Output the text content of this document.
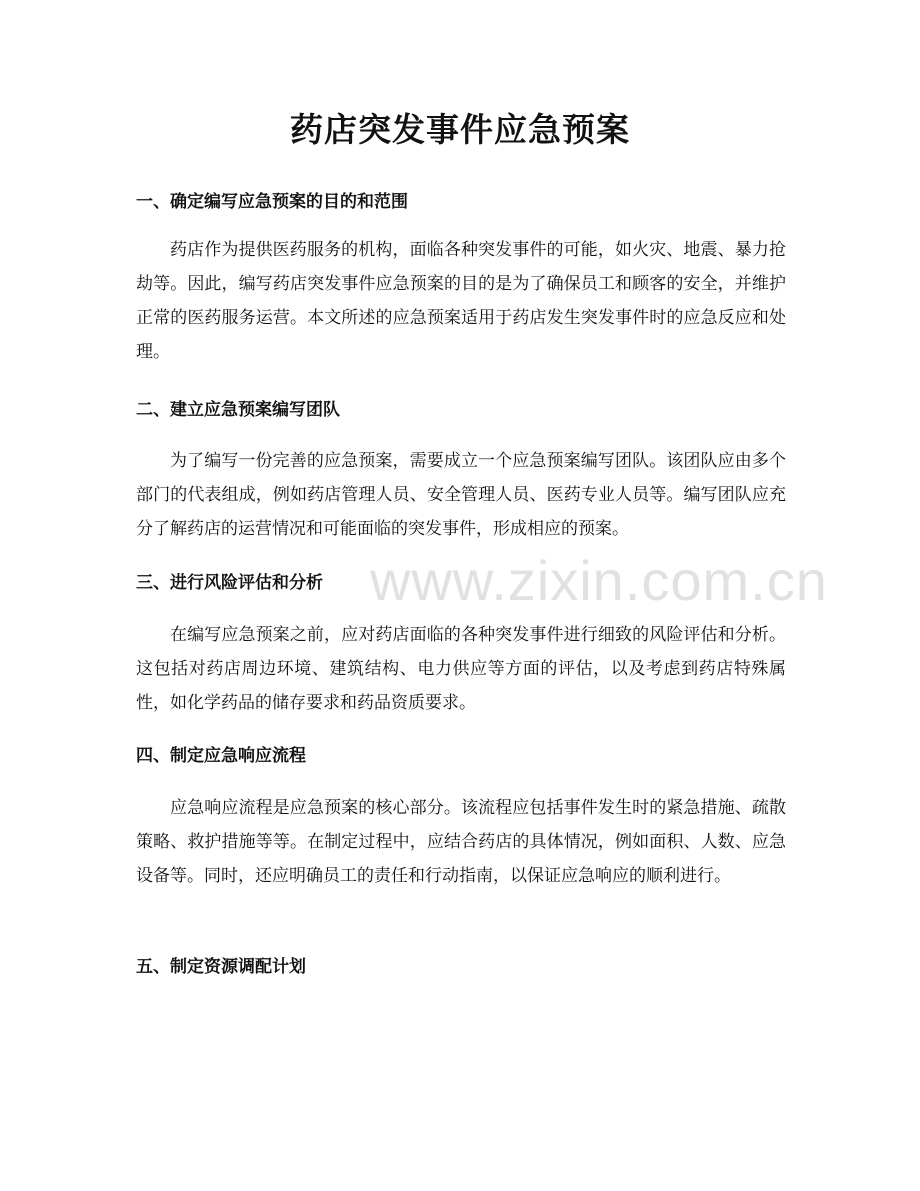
药店突发事件应急预案
一、确定编写应急预案的目的和范围

药店作为提供医药服务的机构，面临各种突发事件的可能，如火灾、地震、暴力抢劫等。因此，编写药店突发事件应急预案的目的是为了确保员工和顾客的安全，并维护正常的医药服务运营。本文所述的应急预案适用于药店发生突发事件时的应急反应和处理。

二、建立应急预案编写团队

为了编写一份完善的应急预案，需要成立一个应急预案编写团队。该团队应由多个部门的代表组成，例如药店管理人员、安全管理人员、医药专业人员等。编写团队应充分了解药店的运营情况和可能面临的突发事件，形成相应的预案。

三、进行风险评估和分析

在编写应急预案之前，应对药店面临的各种突发事件进行细致的风险评估和分析。这包括对药店周边环境、建筑结构、电力供应等方面的评估，以及考虑到药店特殊属性，如化学药品的储存要求和药品资质要求。

四、制定应急响应流程

应急响应流程是应急预案的核心部分。该流程应包括事件发生时的紧急措施、疏散策略、救护措施等等。在制定过程中，应结合药店的具体情况，例如面积、人数、应急设备等。同时，还应明确员工的责任和行动指南，以保证应急响应的顺利进行。

五、制定资源调配计划
www.zixin.com.cn
